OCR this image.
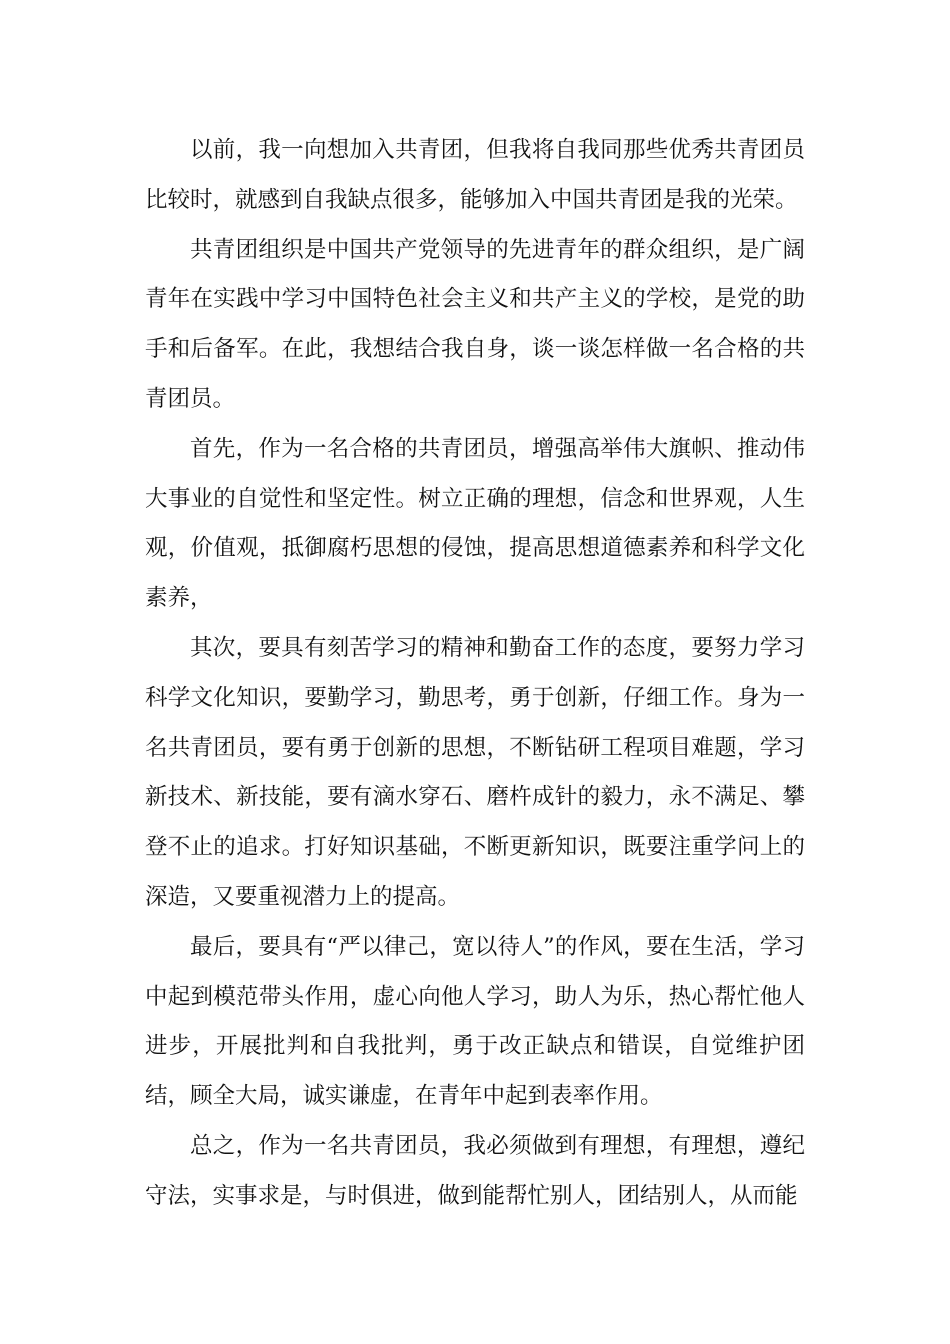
以前，我一向想加入共青团，但我将自我同那些优秀共青团员比较时，就感到自我缺点很多，能够加入中国共青团是我的光荣。

共青团组织是中国共产党领导的先进青年的群众组织，是广阔青年在实践中学习中国特色社会主义和共产主义的学校，是党的助手和后备军。在此，我想结合我自身，谈一谈怎样做一名合格的共青团员。

首先，作为一名合格的共青团员，增强高举伟大旗帜、推动伟大事业的自觉性和坚定性。树立正确的理想，信念和世界观，人生观，价值观，抵御腐朽思想的侵蚀，提高思想道德素养和科学文化素养，

其次，要具有刻苦学习的精神和勤奋工作的态度，要努力学习科学文化知识，要勤学习，勤思考，勇于创新，仔细工作。身为一名共青团员，要有勇于创新的思想，不断钻研工程项目难题，学习新技术、新技能，要有滴水穿石、磨杵成针的毅力，永不满足、攀登不止的追求。打好知识基础，不断更新知识，既要注重学问上的深造，又要重视潜力上的提高。

最后，要具有“严以律己，宽以待人”的作风，要在生活，学习中起到模范带头作用，虚心向他人学习，助人为乐，热心帮忙他人进步，开展批判和自我批判，勇于改正缺点和错误，自觉维护团结，顾全大局，诚实谦虚，在青年中起到表率作用。

总之，作为一名共青团员，我必须做到有理想，有理想，遵纪守法，实事求是，与时俱进，做到能帮忙别人，团结别人，从而能
